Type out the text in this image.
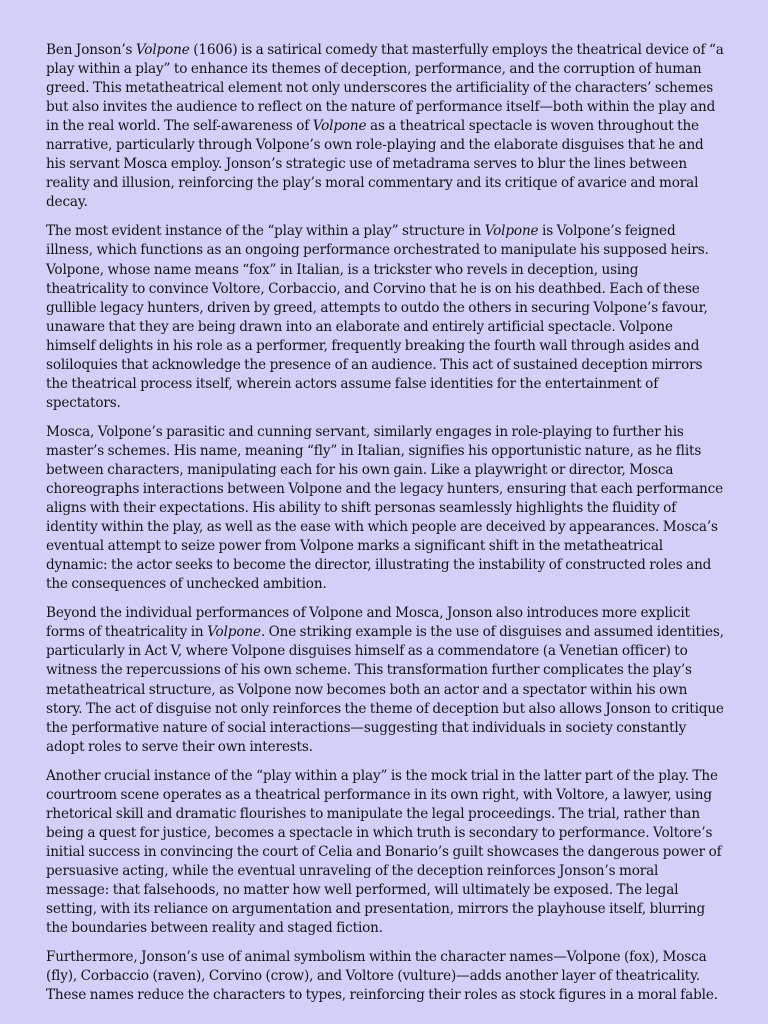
Ben Jonson’s Volpone (1606) is a satirical comedy that masterfully employs the theatrical device of “a play within a play” to enhance its themes of deception, performance, and the corruption of human greed. This metatheatrical element not only underscores the artificiality of the characters’ schemes but also invites the audience to reflect on the nature of performance itself—both within the play and in the real world. The self-awareness of Volpone as a theatrical spectacle is woven throughout the narrative, particularly through Volpone’s own role-playing and the elaborate disguises that he and his servant Mosca employ. Jonson’s strategic use of metadrama serves to blur the lines between reality and illusion, reinforcing the play’s moral commentary and its critique of avarice and moral decay.

The most evident instance of the “play within a play” structure in Volpone is Volpone’s feigned illness, which functions as an ongoing performance orchestrated to manipulate his supposed heirs. Volpone, whose name means “fox” in Italian, is a trickster who revels in deception, using theatricality to convince Voltore, Corbaccio, and Corvino that he is on his deathbed. Each of these gullible legacy hunters, driven by greed, attempts to outdo the others in securing Volpone’s favour, unaware that they are being drawn into an elaborate and entirely artificial spectacle. Volpone himself delights in his role as a performer, frequently breaking the fourth wall through asides and soliloquies that acknowledge the presence of an audience. This act of sustained deception mirrors the theatrical process itself, wherein actors assume false identities for the entertainment of spectators.

Mosca, Volpone’s parasitic and cunning servant, similarly engages in role-playing to further his master’s schemes. His name, meaning “fly” in Italian, signifies his opportunistic nature, as he flits between characters, manipulating each for his own gain. Like a playwright or director, Mosca choreographs interactions between Volpone and the legacy hunters, ensuring that each performance aligns with their expectations. His ability to shift personas seamlessly highlights the fluidity of identity within the play, as well as the ease with which people are deceived by appearances. Mosca’s eventual attempt to seize power from Volpone marks a significant shift in the metatheatrical dynamic: the actor seeks to become the director, illustrating the instability of constructed roles and the consequences of unchecked ambition.

Beyond the individual performances of Volpone and Mosca, Jonson also introduces more explicit forms of theatricality in Volpone. One striking example is the use of disguises and assumed identities, particularly in Act V, where Volpone disguises himself as a commendatore (a Venetian officer) to witness the repercussions of his own scheme. This transformation further complicates the play’s metatheatrical structure, as Volpone now becomes both an actor and a spectator within his own story. The act of disguise not only reinforces the theme of deception but also allows Jonson to critique the performative nature of social interactions—suggesting that individuals in society constantly adopt roles to serve their own interests.

Another crucial instance of the “play within a play” is the mock trial in the latter part of the play. The courtroom scene operates as a theatrical performance in its own right, with Voltore, a lawyer, using rhetorical skill and dramatic flourishes to manipulate the legal proceedings. The trial, rather than being a quest for justice, becomes a spectacle in which truth is secondary to performance. Voltore’s initial success in convincing the court of Celia and Bonario’s guilt showcases the dangerous power of persuasive acting, while the eventual unraveling of the deception reinforces Jonson’s moral message: that falsehoods, no matter how well performed, will ultimately be exposed. The legal setting, with its reliance on argumentation and presentation, mirrors the playhouse itself, blurring the boundaries between reality and staged fiction.

Furthermore, Jonson’s use of animal symbolism within the character names—Volpone (fox), Mosca (fly), Corbaccio (raven), Corvino (crow), and Voltore (vulture)—adds another layer of theatricality. These names reduce the characters to types, reinforcing their roles as stock figures in a moral fable.
